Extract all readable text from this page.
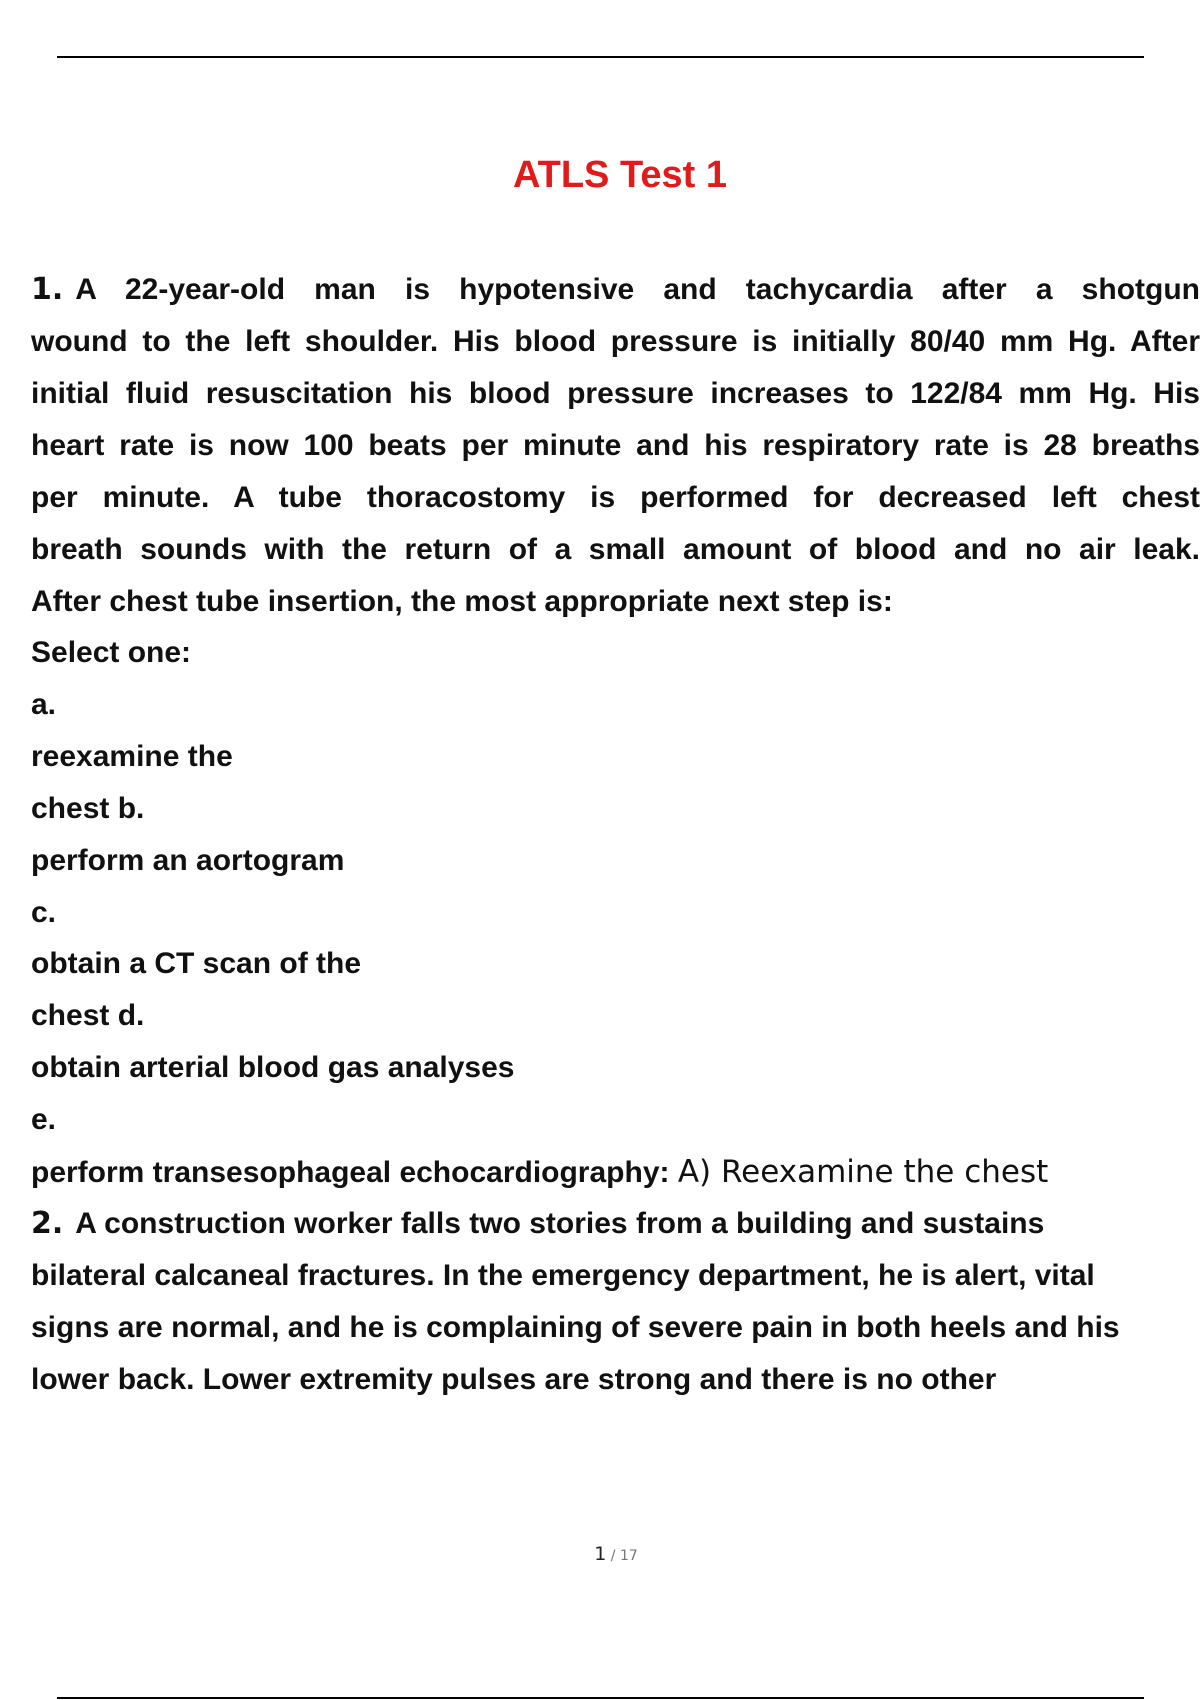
ATLS Test 1

1. A 22-year-old man is hypotensive and tachycardia after a shotgun

wound to the left shoulder. His blood pressure is initially 80/40 mm Hg. After

initial fluid resuscitation his blood pressure increases to 122/84 mm Hg. His

heart rate is now 100 beats per minute and his respiratory rate is 28 breaths

per minute. A tube thoracostomy is performed for decreased left chest

breath sounds with the return of a small amount of blood and no air leak.

After chest tube insertion, the most appropriate next step is:

Select one:

a.

reexamine the

chest b.

perform an aortogram

c.

obtain a CT scan of the

chest d.

obtain arterial blood gas analyses

e.

perform transesophageal echocardiography: A) Reexamine the chest

2. A construction worker falls two stories from a building and sustains

bilateral calcaneal fractures. In the emergency department, he is alert, vital

signs are normal, and he is complaining of severe pain in both heels and his

lower back. Lower extremity pulses are strong and there is no other

1 / 17
